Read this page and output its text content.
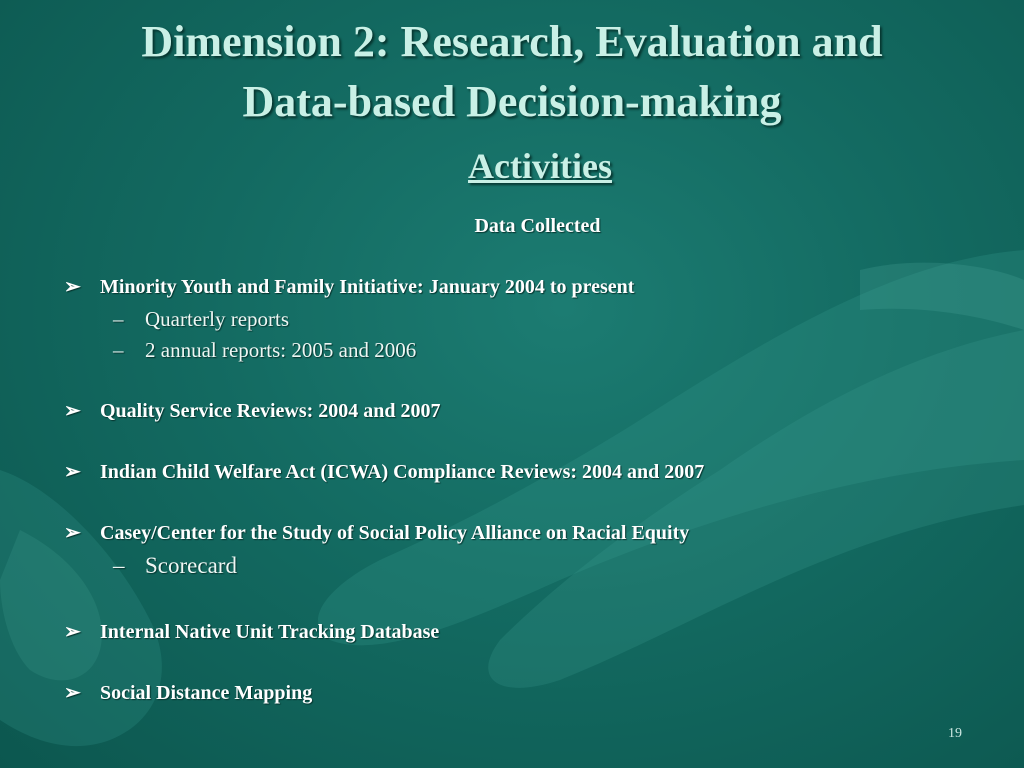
Dimension 2: Research, Evaluation and
Data-based Decision-making
Activities
Data Collected
➢ Minority Youth and Family Initiative: January 2004 to present
– Quarterly reports
– 2 annual reports: 2005 and 2006
➢ Quality Service Reviews: 2004 and 2007
➢ Indian Child Welfare Act (ICWA) Compliance Reviews: 2004 and 2007
➢ Casey/Center for the Study of Social Policy Alliance on Racial Equity
– Scorecard
➢ Internal Native Unit Tracking Database
➢ Social Distance Mapping
19
